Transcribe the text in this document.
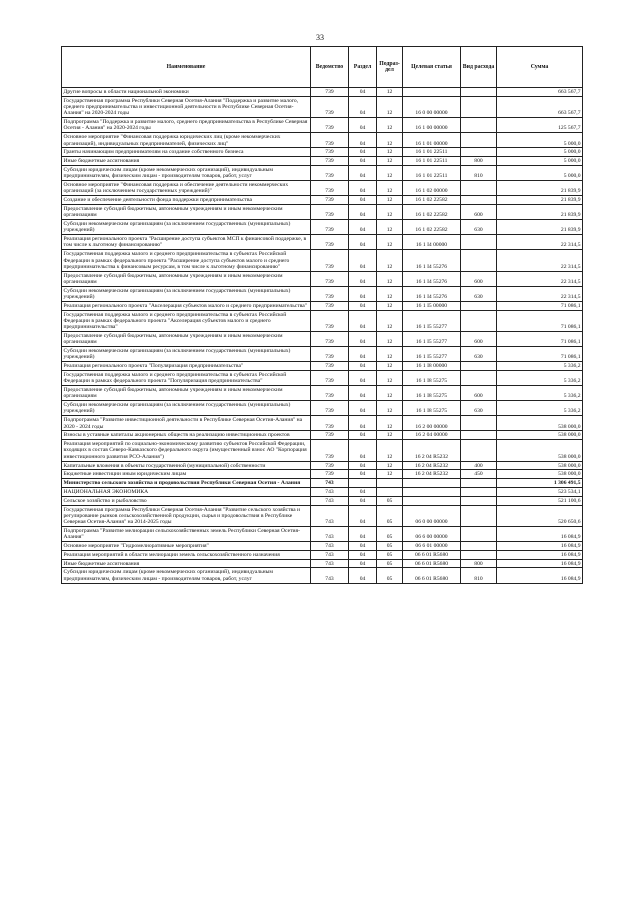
33
Наименование	Ведомство	Раздел	Подраз-дел	Целевая статья	Вид расхода	Сумма
Другие вопросы в области национальной экономики	739	04	12			663 567,7
Государственная программа Республики Северная Осетия-Алания "Поддержка и развитие малого, среднего предпринимательства и инвестиционной деятельности в Республике Северная Осетия-Алания" на 2020-2024 годы	739	04	12	16 0 00 00000		663 567,7
Подпрограмма "Поддержка и развитие малого, среднего предпринимательства в Республике Северная Осетия - Алания" на 2020-2024 годы	739	04	12	16 1 00 00000		125 567,7
Основное мероприятие "Финансовая поддержка юридических лиц (кроме некоммерческих организаций), индивидуальных предпринимателей, физических лиц"	739	04	12	16 1 01 00000		5 000,0
Гранты начинающим предпринимателям на создание собственного бизнеса	739	04	12	16 1 01 22511		5 000,0
Иные бюджетные ассигнования	739	04	12	16 1 01 22511	800	5 000,0
Субсидии юридическим лицам (кроме некоммерческих организаций), индивидуальным предпринимателям, физическим лицам - производителям товаров, работ, услуг	739	04	12	16 1 01 22511	810	5 000,0
Основное мероприятие "Финансовая поддержка и обеспечение деятельности некоммерческих организаций (за исключением государственных учреждений)"	739	04	12	16 1 02 00000		21 839,9
Создание и обеспечение деятельности фонда поддержки предпринимательства	739	04	12	16 1 02 22582		21 839,9
Предоставление субсидий бюджетным, автономным учреждениям и иным некоммерческим организациям	739	04	12	16 1 02 22582	600	21 839,9
Субсидии некоммерческим организациям (за исключением государственных (муниципальных) учреждений)	739	04	12	16 1 02 22582	630	21 839,9
Реализация регионального проекта "Расширение доступа субъектов МСП к финансовой поддержке, в том числе к льготному финансированию"	739	04	12	16 1 I4 00000		22 314,5
Государственная поддержка малого и среднего предпринимательства в субъектах Российской Федерации в рамках федерального проекта "Расширение доступа субъектов малого и среднего предпринимательства к финансовым ресурсам, в том числе к льготному финансированию"	739	04	12	16 1 I4 55276		22 314,5
Предоставление субсидий бюджетным, автономным учреждениям и иным некоммерческим организациям	739	04	12	16 1 I4 55276	600	22 314,5
Субсидии некоммерческим организациям (за исключением государственных (муниципальных) учреждений)	739	04	12	16 1 I4 55276	630	22 314,5
Реализация регионального проекта "Акселерация субъектов малого и среднего предпринимательства"	739	04	12	16 1 I5 00000		71 086,1
Государственная поддержка малого и среднего предпринимательства в субъектах Российской Федерации в рамках федерального проекта "Акселерация субъектов малого и среднего предпринимательства"	739	04	12	16 1 I5 55277		71 086,1
Предоставление субсидий бюджетным, автономным учреждениям и иным некоммерческим организациям	739	04	12	16 1 I5 55277	600	71 086,1
Субсидии некоммерческим организациям (за исключением государственных (муниципальных) учреждений)	739	04	12	16 1 I5 55277	630	71 086,1
Реализация регионального проекта "Популяризация предпринимательства"	739	04	12	16 1 I8 00000		5 336,2
Государственная поддержка малого и среднего предпринимательства в субъектах Российской Федерации в рамках федерального проекта "Популяризация предпринимательства"	739	04	12	16 1 I8 55275		5 336,2
Предоставление субсидий бюджетным, автономным учреждениям и иным некоммерческим организациям	739	04	12	16 1 I8 55275	600	5 336,2
Субсидии некоммерческим организациям (за исключением государственных (муниципальных) учреждений)	739	04	12	16 1 I8 55275	630	5 336,2
Подпрограмма "Развитие инвестиционной деятельности в Республике Северная Осетия-Алания" на 2020 - 2024 годы	739	04	12	16 2 00 00000		538 000,0
Взносы в уставные капиталы акционерных обществ на реализацию инвестиционных проектов	739	04	12	16 2 04 00000		538 000,0
Реализация мероприятий по социально-экономическому развитию субъектов Российской Федерации, входящих в состав Северо-Кавказского федерального округа (имущественный взнос АО "Корпорация инвестиционного развития РСО-Алания")	739	04	12	16 2 04 R5232		538 000,0
Капитальные вложения в объекты государственной (муниципальной) собственности	739	04	12	16 2 04 R5232	400	538 000,0
Бюджетные инвестиции иным юридическим лицам	739	04	12	16 2 04 R5232	450	538 000,0
Министерство сельского хозяйства и продовольствия Республики Северная Осетия - Алания	743					1 306 491,5
НАЦИОНАЛЬНАЯ ЭКОНОМИКА	743	04				523 534,1
Сельское хозяйство и рыболовство	743	04	05			521 100,6
Государственная программа Республики Северная Осетия-Алания "Развитие сельского хозяйства и регулирование рынков сельскохозяйственной продукции, сырья и продовольствия в Республике Северная Осетия-Алания" на 2014-2025 годы	743	04	05	06 0 00 00000		520 650,6
Подпрограмма "Развитие мелиорации сельскохозяйственных земель Республики Северная Осетия-Алания"	743	04	05	06 6 00 00000		16 084,9
Основное мероприятие "Гидромелиоративные мероприятия"	743	04	05	06 6 01 00000		16 084,9
Реализация мероприятий в области мелиорации земель сельскохозяйственного назначения	743	04	05	06 6 01 R5680		16 084,9
Иные бюджетные ассигнования	743	04	05	06 6 01 R5680	800	16 084,9
Субсидии юридическим лицам (кроме некоммерческих организаций), индивидуальным предпринимателям, физическим лицам - производителям товаров, работ, услуг	743	04	05	06 6 01 R5680	810	16 084,9
